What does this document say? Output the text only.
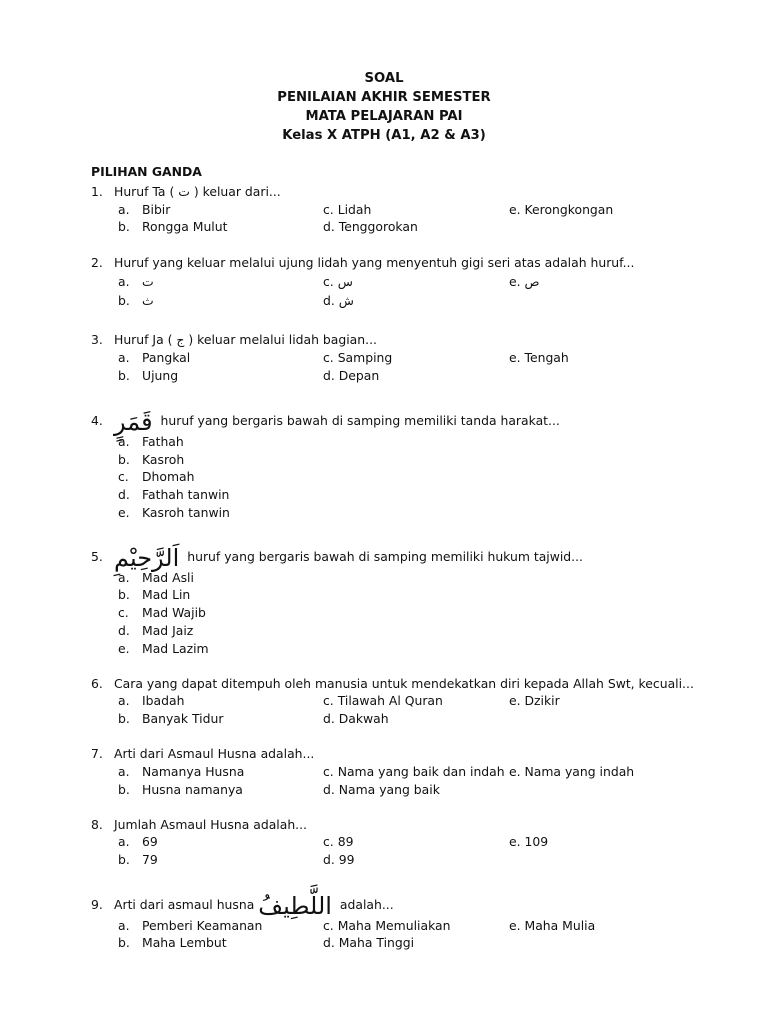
SOAL
PENILAIAN AKHIR SEMESTER
MATA PELAJARAN PAI
Kelas X ATPH (A1, A2 & A3)
PILIHAN GANDA
1. Huruf Ta ( ت ) keluar dari...
a. Bibir	c. Lidah	e. Kerongkongan
b. Rongga Mulut	d. Tenggorokan
2. Huruf yang keluar melalui ujung lidah yang menyentuh gigi seri atas adalah huruf...
a. ت	c. س	e. ص
b. ث	d. ش
3. Huruf Ja ( ج ) keluar melalui lidah bagian...
a. Pangkal	c. Samping	e. Tengah
b. Ujung	d. Depan
4. قَمَرٍ huruf yang bergaris bawah di samping memiliki tanda harakat...
a. Fathah
b. Kasroh
c. Dhomah
d. Fathah tanwin
e. Kasroh tanwin
5. اَلرَّحِيْمِ huruf yang bergaris bawah di samping memiliki hukum tajwid...
a. Mad Asli
b. Mad Lin
c. Mad Wajib
d. Mad Jaiz
e. Mad Lazim
6. Cara yang dapat ditempuh oleh manusia untuk mendekatkan diri kepada Allah Swt, kecuali...
a. Ibadah	c. Tilawah Al Quran	e. Dzikir
b. Banyak Tidur	d. Dakwah
7. Arti dari Asmaul Husna adalah...
a. Namanya Husna	c. Nama yang baik dan indah e. Nama yang indah
b. Husna namanya	d. Nama yang baik
8. Jumlah Asmaul Husna adalah...
a. 69	c. 89	e. 109
b. 79	d. 99
9. Arti dari asmaul husna اللَّطِيفُ adalah...
a. Pemberi Keamanan	c. Maha Memuliakan	e. Maha Mulia
b. Maha Lembut	d. Maha Tinggi
